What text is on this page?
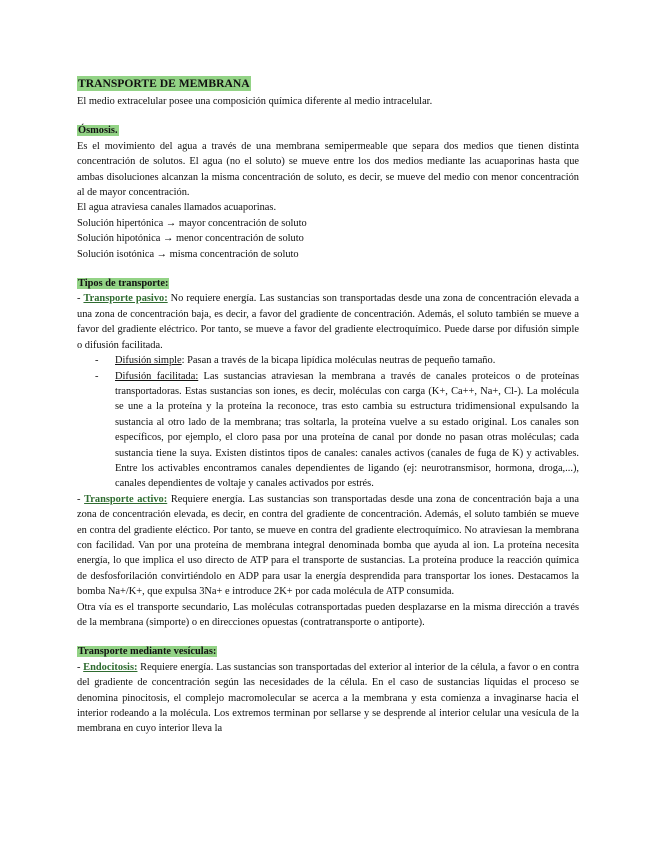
TRANSPORTE DE MEMBRANA

El medio extracelular posee una composición química diferente al medio intracelular.

Ósmosis.

Es el movimiento del agua a través de una membrana semipermeable que separa dos medios que tienen distinta concentración de solutos. El agua (no el soluto) se mueve entre los dos medios mediante las acuaporinas hasta que ambas disoluciones alcanzan la misma concentración de soluto, es decir, se mueve del medio con menor concentración al de mayor concentración.

El agua atraviesa canales llamados acuaporinas.

Solución hipertónica → mayor concentración de soluto

Solución hipotónica → menor concentración de soluto

Solución isotónica → misma concentración de soluto

Tipos de transporte:

- Transporte pasivo: No requiere energía. Las sustancias son transportadas desde una zona de concentración elevada a una zona de concentración baja, es decir, a favor del gradiente de concentración. Además, el soluto también se mueve a favor del gradiente eléctrico. Por tanto, se mueve a favor del gradiente electroquímico. Puede darse por difusión simple o difusión facilitada.

- Difusión simple: Pasan a través de la bicapa lipídica moléculas neutras de pequeño tamaño.
- Difusión facilitada: Las sustancias atraviesan la membrana a través de canales proteicos o de proteínas transportadoras. Estas sustancias son iones, es decir, moléculas con carga (K+, Ca++, Na+, Cl-). La molécula se une a la proteína y la proteína la reconoce, tras esto cambia su estructura tridimensional expulsando la sustancia al otro lado de la membrana; tras soltarla, la proteína vuelve a su estado original. Los canales son específicos, por ejemplo, el cloro pasa por una proteína de canal por donde no pasan otras moléculas; cada sustancia tiene la suya. Existen distintos tipos de canales: canales activos (canales de fuga de K) y activables. Entre los activables encontramos canales dependientes de ligando (ej: neurotransmisor, hormona, droga,...), canales dependientes de voltaje y canales activados por estrés.

- Transporte activo: Requiere energía. Las sustancias son transportadas desde una zona de concentración baja a una zona de concentración elevada, es decir, en contra del gradiente de concentración. Además, el soluto también se mueve en contra del gradiente eléctico. Por tanto, se mueve en contra del gradiente electroquímico. No atraviesan la membrana con facilidad. Van por una proteína de membrana integral denominada bomba que ayuda al ion. La proteína necesita energía, lo que implica el uso directo de ATP para el transporte de sustancias. La proteína produce la reacción química de desfosforilación convirtiéndolo en ADP para usar la energía desprendida para transportar los iones. Destacamos la bomba Na+/K+, que expulsa 3Na+ e introduce 2K+ por cada molécula de ATP consumida.

Otra vía es el transporte secundario, Las moléculas cotransportadas pueden desplazarse en la misma dirección a través de la membrana (simporte) o en direcciones opuestas (contratransporte o antiporte).

Transporte mediante vesículas:

- Endocitosis: Requiere energía. Las sustancias son transportadas del exterior al interior de la célula, a favor o en contra del gradiente de concentración según las necesidades de la célula. En el caso de sustancias líquidas el proceso se denomina pinocitosis, el complejo macromolecular se acerca a la membrana y esta comienza a invaginarse hacia el interior rodeando a la molécula. Los extremos terminan por sellarse y se desprende al interior celular una vesícula de la membrana en cuyo interior lleva la
